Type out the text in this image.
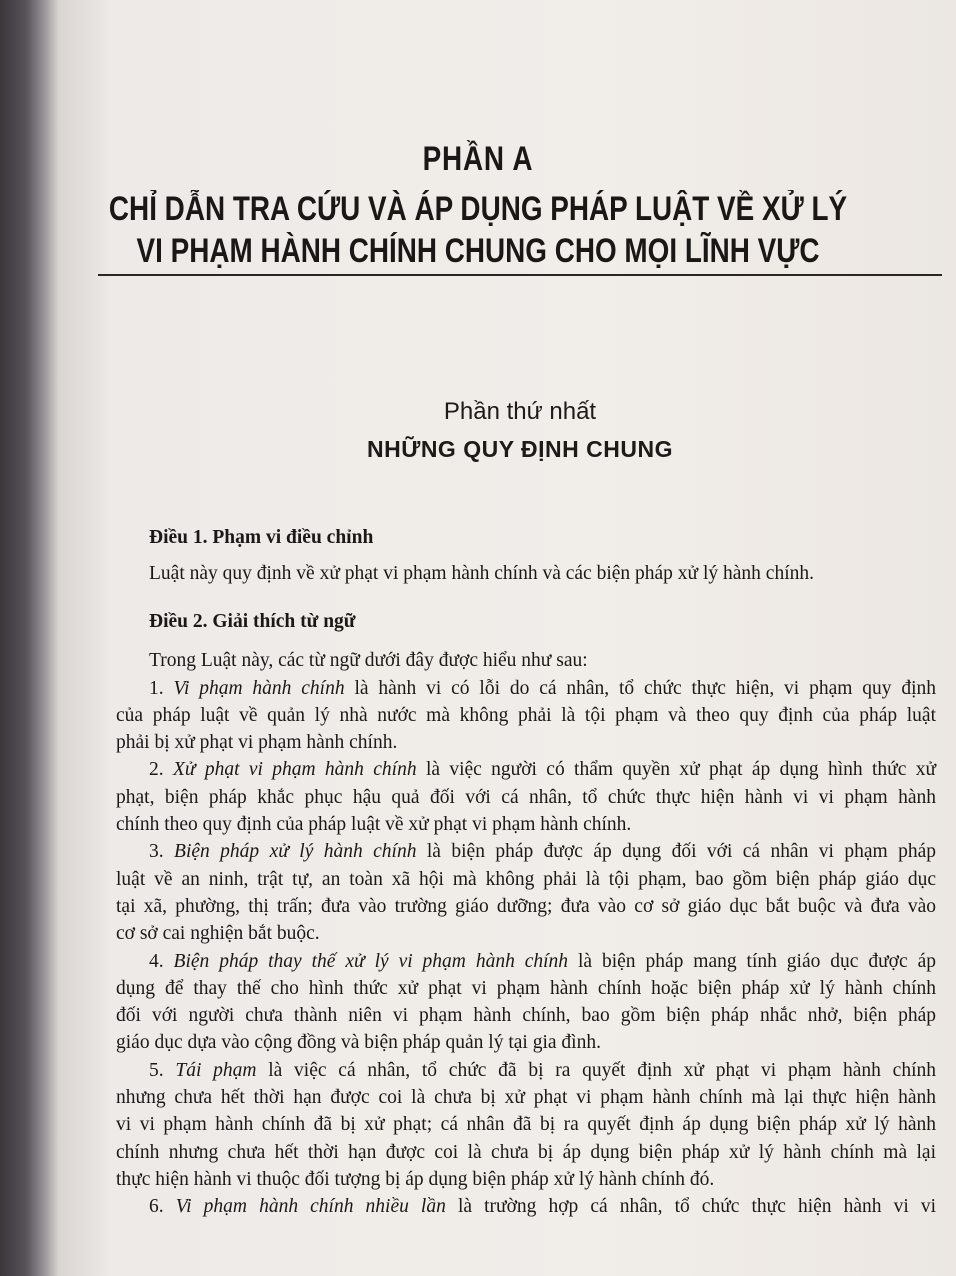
PHẦN A
CHỈ DẪN TRA CỨU VÀ ÁP DỤNG PHÁP LUẬT VỀ XỬ LÝ
VI PHẠM HÀNH CHÍNH CHUNG CHO MỌI LĨNH VỰC
Phần thứ nhất
NHỮNG QUY ĐỊNH CHUNG
Điều 1. Phạm vi điều chỉnh
Luật này quy định về xử phạt vi phạm hành chính và các biện pháp xử lý hành chính.
Điều 2. Giải thích từ ngữ
Trong Luật này, các từ ngữ dưới đây được hiểu như sau:
1. Vi phạm hành chính là hành vi có lỗi do cá nhân, tổ chức thực hiện, vi phạm quy định
của pháp luật về quản lý nhà nước mà không phải là tội phạm và theo quy định của pháp luật
phải bị xử phạt vi phạm hành chính.
2. Xử phạt vi phạm hành chính là việc người có thẩm quyền xử phạt áp dụng hình thức xử
phạt, biện pháp khắc phục hậu quả đối với cá nhân, tổ chức thực hiện hành vi vi phạm hành
chính theo quy định của pháp luật về xử phạt vi phạm hành chính.
3. Biện pháp xử lý hành chính là biện pháp được áp dụng đối với cá nhân vi phạm pháp
luật về an ninh, trật tự, an toàn xã hội mà không phải là tội phạm, bao gồm biện pháp giáo dục
tại xã, phường, thị trấn; đưa vào trường giáo dưỡng; đưa vào cơ sở giáo dục bắt buộc và đưa vào
cơ sở cai nghiện bắt buộc.
4. Biện pháp thay thế xử lý vi phạm hành chính là biện pháp mang tính giáo dục được áp
dụng để thay thế cho hình thức xử phạt vi phạm hành chính hoặc biện pháp xử lý hành chính
đối với người chưa thành niên vi phạm hành chính, bao gồm biện pháp nhắc nhở, biện pháp
giáo dục dựa vào cộng đồng và biện pháp quản lý tại gia đình.
5. Tái phạm là việc cá nhân, tổ chức đã bị ra quyết định xử phạt vi phạm hành chính
nhưng chưa hết thời hạn được coi là chưa bị xử phạt vi phạm hành chính mà lại thực hiện hành
vi vi phạm hành chính đã bị xử phạt; cá nhân đã bị ra quyết định áp dụng biện pháp xử lý hành
chính nhưng chưa hết thời hạn được coi là chưa bị áp dụng biện pháp xử lý hành chính mà lại
thực hiện hành vi thuộc đối tượng bị áp dụng biện pháp xử lý hành chính đó.
6. Vi phạm hành chính nhiều lần là trường hợp cá nhân, tổ chức thực hiện hành vi vi
